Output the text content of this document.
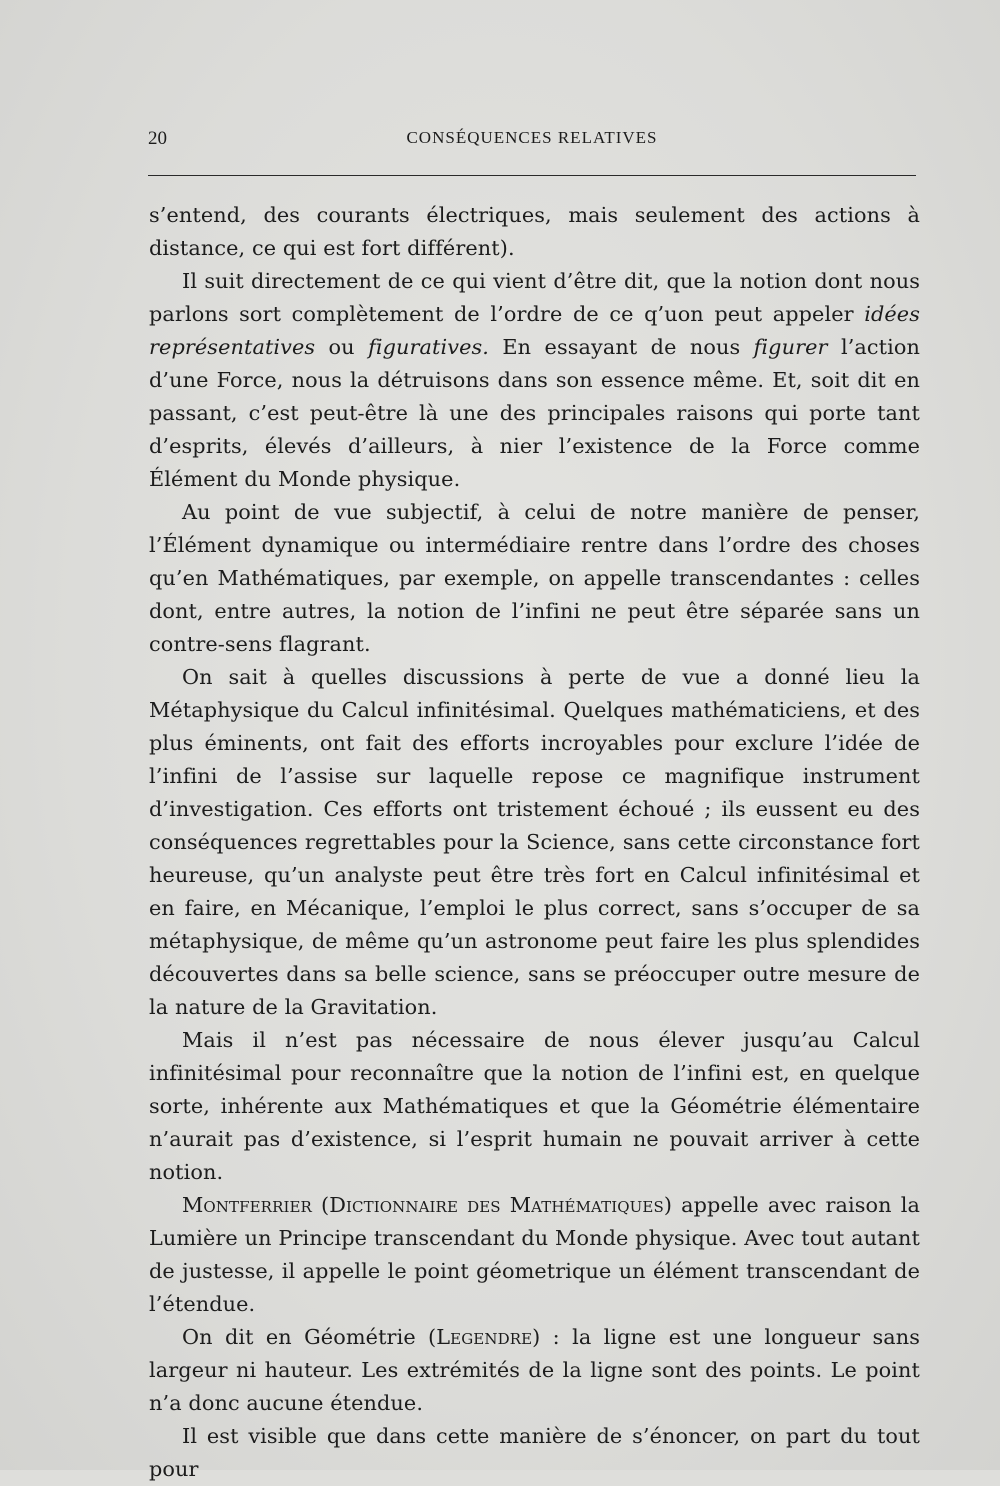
20	CONSÉQUENCES RELATIVES

s’entend, des courants électriques, mais seulement des actions à distance, ce qui est fort différent).

Il suit directement de ce qui vient d’être dit, que la notion dont nous parlons sort complètement de l’ordre de ce q’uon peut appeler idées représentatives ou figuratives. En essayant de nous figurer l’action d’une Force, nous la détruisons dans son essence même. Et, soit dit en passant, c’est peut-être là une des principales raisons qui porte tant d’esprits, élevés d’ailleurs, à nier l’existence de la Force comme Élément du Monde physique.

Au point de vue subjectif, à celui de notre manière de penser, l’Élément dynamique ou intermédiaire rentre dans l’ordre des choses qu’en Mathématiques, par exemple, on appelle transcendantes : celles dont, entre autres, la notion de l’infini ne peut être séparée sans un contre-sens flagrant.

On sait à quelles discussions à perte de vue a donné lieu la Métaphysique du Calcul infinitésimal. Quelques mathématiciens, et des plus éminents, ont fait des efforts incroyables pour exclure l’idée de l’infini de l’assise sur laquelle repose ce magnifique instrument d’investigation. Ces efforts ont tristement échoué ; ils eussent eu des conséquences regrettables pour la Science, sans cette circonstance fort heureuse, qu’un analyste peut être très fort en Calcul infinitésimal et en faire, en Mécanique, l’emploi le plus correct, sans s’occuper de sa métaphysique, de même qu’un astronome peut faire les plus splendides découvertes dans sa belle science, sans se préoccuper outre mesure de la nature de la Gravitation.

Mais il n’est pas nécessaire de nous élever jusqu’au Calcul infinitésimal pour reconnaître que la notion de l’infini est, en quelque sorte, inhérente aux Mathématiques et que la Géométrie élémentaire n’aurait pas d’existence, si l’esprit humain ne pouvait arriver à cette notion.

Montferrier (Dictionnaire des Mathématiques) appelle avec raison la Lumière un Principe transcendant du Monde physique. Avec tout autant de justesse, il appelle le point géometrique un élément transcendant de l’étendue.

On dit en Géométrie (Legendre) : la ligne est une longueur sans largeur ni hauteur. Les extrémités de la ligne sont des points. Le point n’a donc aucune étendue.

Il est visible que dans cette manière de s’énoncer, on part du tout pour
